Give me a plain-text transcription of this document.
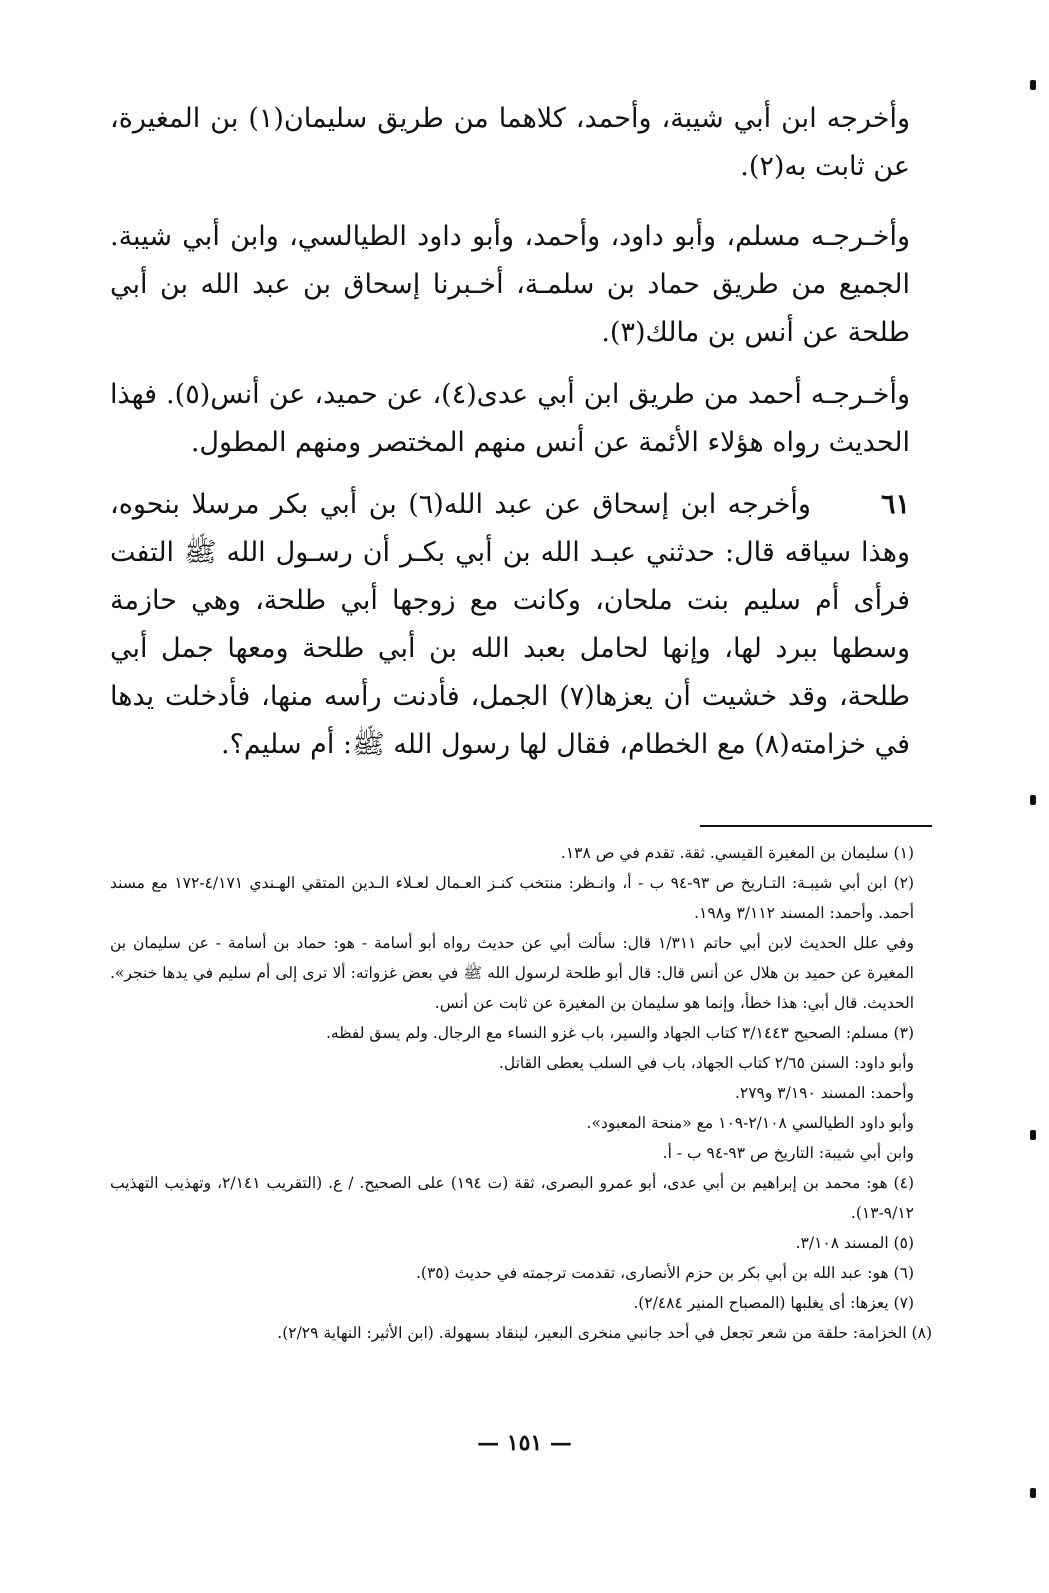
وأخرجه ابن أبي شيبة، وأحمد، كلاهما من طريق سليمان(١) بن المغيرة، عن ثابت به(٢).

وأخـرجـه مسلم، وأبو داود، وأحمد، وأبو داود الطيالسي، وابن أبي شيبة. الجميع من طريق حماد بن سلمـة، أخـبرنا إسحاق بن عبد الله بن أبي طلحة عن أنس بن مالك(٣).

وأخـرجـه أحمد من طريق ابن أبي عدى(٤)، عن حميد، عن أنس(٥). فهذا الحديث رواه هؤلاء الأئمة عن أنس منهم المختصر ومنهم المطول.

٦١وأخرجه ابن إسحاق عن عبد الله(٦) بن أبي بكر مرسلا بنحوه، وهذا سياقه قال: حدثني عبـد الله بن أبي بكـر أن رسـول الله ﷺ التفت فرأى أم سليم بنت ملحان، وكانت مع زوجها أبي طلحة، وهي حازمة وسطها ببرد لها، وإنها لحامل بعبد الله بن أبي طلحة ومعها جمل أبي طلحة، وقد خشيت أن يعزها(٧) الجمل، فأدنت رأسه منها، فأدخلت يدها في خزامته(٨) مع الخطام، فقال لها رسول الله ﷺ: أم سليم؟.

(١) سليمان بن المغيرة القيسي. ثقة. تقدم في ص ١٣٨.

(٢) ابن أبي شيبـة: التـاريخ ص ٩٣-٩٤ ب - أ، وانـظر: منتخب كنـز العـمال لعـلاء الـدين المتقي الهـندي ٤/١٧١-١٧٢ مع مسند أحمد. وأحمد: المسند ٣/١١٢ و١٩٨.

وفي علل الحديث لابن أبي حاتم ١/٣١١ قال: سألت أبي عن حديث رواه أبو أسامة - هو: حماد بن أسامة - عن سليمان بن المغيرة عن حميد بن هلال عن أنس قال: قال أبو طلحة لرسول الله ﷺ في بعض غزواته: ألا ترى إلى أم سليم في يدها خنجر». الحديث. قال أبي: هذا خطأ، وإنما هو سليمان بن المغيرة عن ثابت عن أنس.

(٣) مسلم: الصحيح ٣/١٤٤٣ كتاب الجهاد والسير، باب غزو النساء مع الرجال. ولم يسق لفظه.

وأبو داود: السنن ٢/٦٥ كتاب الجهاد، باب في السلب يعطى القاتل.

وأحمد: المسند ٣/١٩٠ و٢٧٩.

وأبو داود الطيالسي ٢/١٠٨-١٠٩ مع «منحة المعبود».

وابن أبي شيبة: التاريخ ص ٩٣-٩٤ ب - أ.

(٤) هو: محمد بن إبراهيم بن أبي عدى، أبو عمرو البصرى، ثقة (ت ١٩٤) على الصحيح. / ع. (التقريب ٢/١٤١، وتهذيب التهذيب ٩/١٢-١٣).

(٥) المسند ٣/١٠٨.

(٦) هو: عبد الله بن أبي بكر بن حزم الأنصارى، تقدمت ترجمته في حديث (٣٥).

(٧) يعزها: أى يغلبها (المصباح المنير ٢/٤٨٤).

(٨) الخزامة: حلقة من شعر تجعل في أحد جانبي منخرى البعير، لينقاد بسهولة. (ابن الأثير: النهاية ٢/٢٩).

— ١٥١ —
